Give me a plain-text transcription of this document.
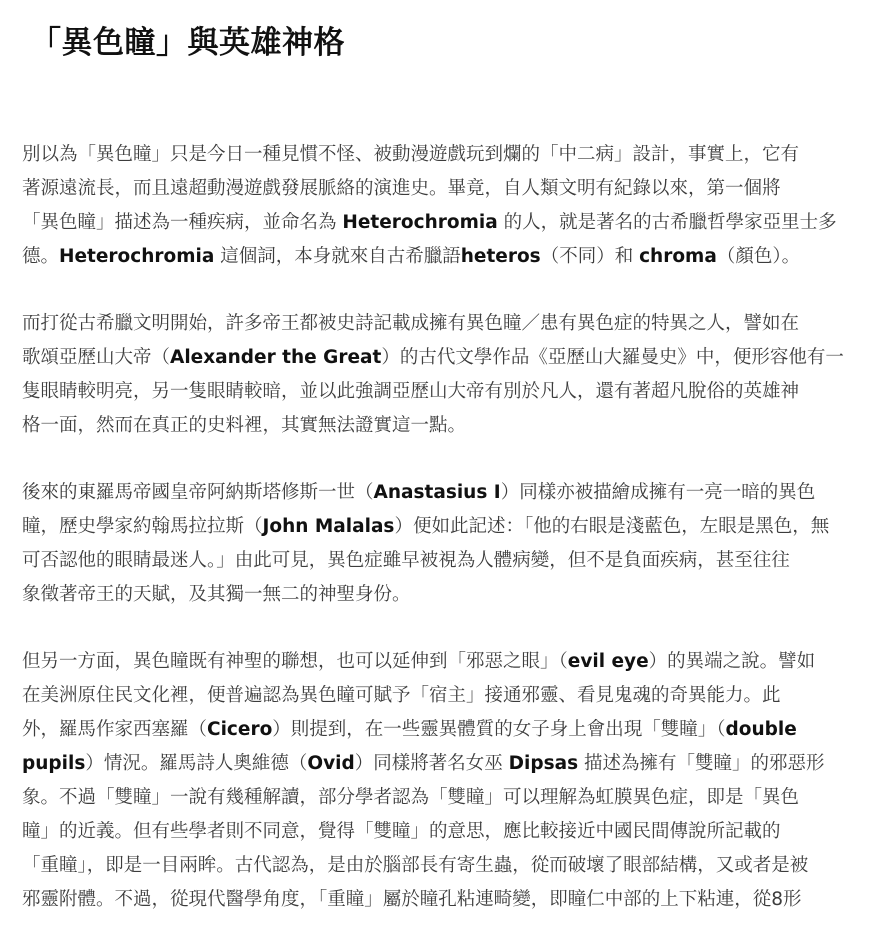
「異色瞳」與英雄神格

別以為「異色瞳」只是今日一種見慣不怪、被動漫遊戲玩到爛的「中二病」設計，事實上，它有
著源遠流長，而且遠超動漫遊戲發展脈絡的演進史。畢竟，自人類文明有紀錄以來，第一個將
「異色瞳」描述為一種疾病，並命名為 Heterochromia 的人，就是著名的古希臘哲學家亞里士多
德。Heterochromia 這個詞，本身就來自古希臘語heteros（不同）和 chroma（顏色）。

而打從古希臘文明開始，許多帝王都被史詩記載成擁有異色瞳／患有異色症的特異之人，譬如在
歌頌亞歷山大帝（Alexander the Great）的古代文學作品《亞歷山大羅曼史》中，便形容他有一
隻眼睛較明亮，另一隻眼睛較暗，並以此強調亞歷山大帝有別於凡人，還有著超凡脫俗的英雄神
格一面，然而在真正的史料裡，其實無法證實這一點。

後來的東羅馬帝國皇帝阿納斯塔修斯一世（Anastasius I）同樣亦被描繪成擁有一亮一暗的異色
瞳，歷史學家約翰馬拉拉斯（John Malalas）便如此記述：「他的右眼是淺藍色，左眼是黑色，無
可否認他的眼睛最迷人。」由此可見，異色症雖早被視為人體病變，但不是負面疾病，甚至往往
象徵著帝王的天賦，及其獨一無二的神聖身份。

但另一方面，異色瞳既有神聖的聯想，也可以延伸到「邪惡之眼」（evil eye）的異端之說。譬如
在美洲原住民文化裡，便普遍認為異色瞳可賦予「宿主」接通邪靈、看見鬼魂的奇異能力。此
外，羅馬作家西塞羅（Cicero）則提到，在一些靈異體質的女子身上會出現「雙瞳」（double
pupils）情況。羅馬詩人奧維德（Ovid）同樣將著名女巫 Dipsas 描述為擁有「雙瞳」的邪惡形
象。不過「雙瞳」一說有幾種解讀，部分學者認為「雙瞳」可以理解為虹膜異色症，即是「異色
瞳」的近義。但有些學者則不同意，覺得「雙瞳」的意思，應比較接近中國民間傳說所記載的
「重瞳」，即是一目兩眸。古代認為，是由於腦部長有寄生蟲，從而破壞了眼部結構，又或者是被
邪靈附體。不過，從現代醫學角度，「重瞳」屬於瞳孔粘連畸變，即瞳仁中部的上下粘連，從8形
